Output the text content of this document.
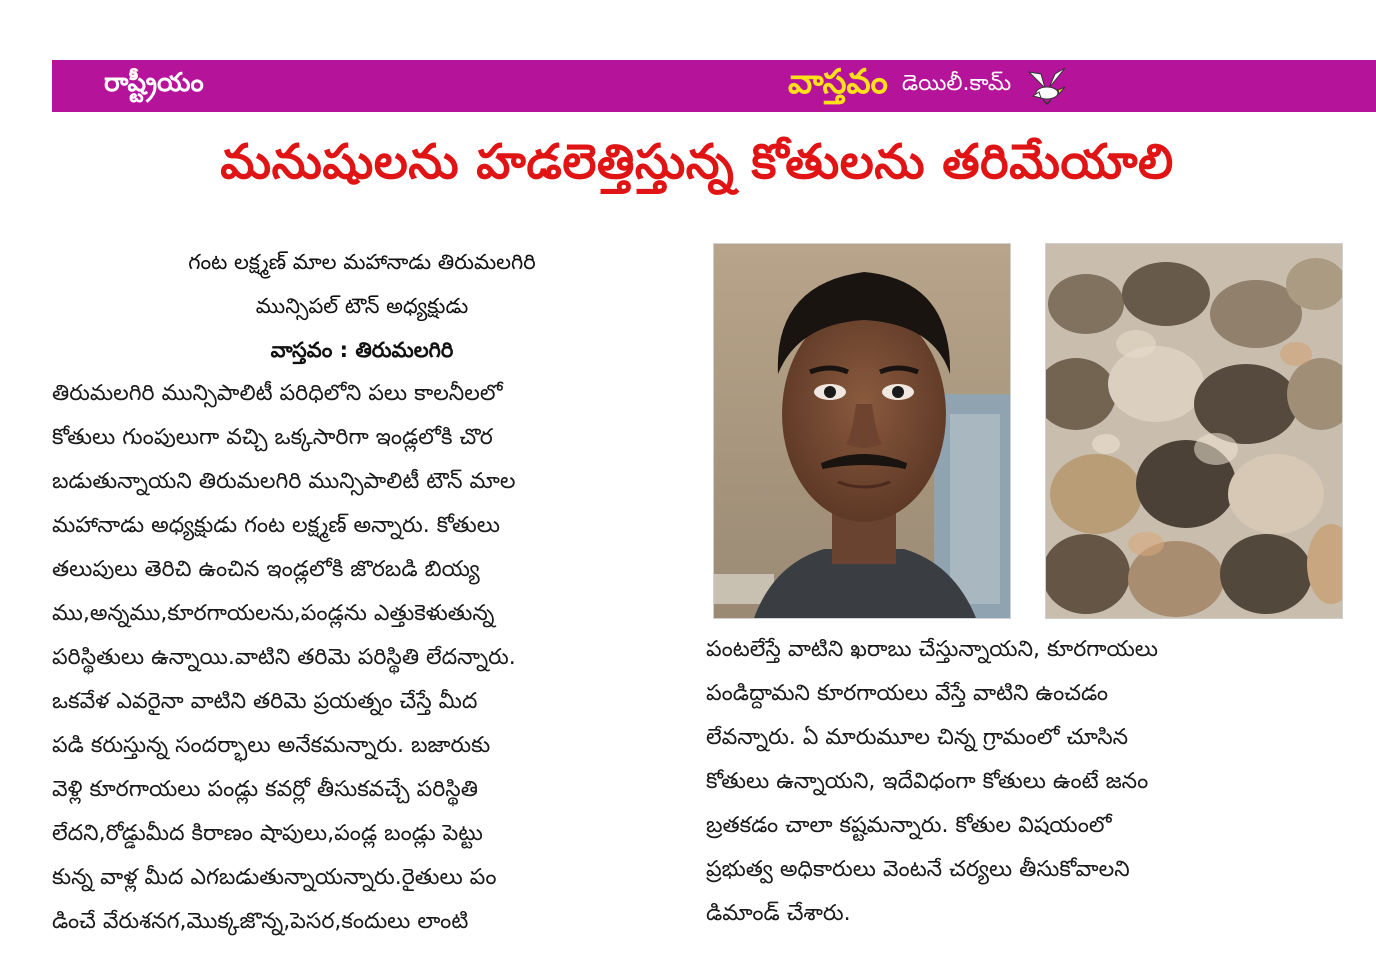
రాష్ట్రీయం	వాస్తవం డెయిలీ.కామ్
మనుషులను హడలెత్తిస్తున్న కోతులను తరిమేయాలి
గంట లక్ష్మణ్ మాల మహానాడు తిరుమలగిరి
మున్సిపల్ టౌన్ అధ్యక్షుడు
వాస్తవం : తిరుమలగిరి
తిరుమలగిరి మున్సిపాలిటీ పరిధిలోని పలు కాలనీలలో
కోతులు గుంపులుగా వచ్చి ఒక్కసారిగా ఇండ్లలోకి చొర
బడుతున్నాయని తిరుమలగిరి మున్సిపాలిటీ టౌన్ మాల
మహానాడు అధ్యక్షుడు గంట లక్ష్మణ్ అన్నారు. కోతులు
తలుపులు తెరిచి ఉంచిన ఇండ్లలోకి జొరబడి బియ్య
ము,అన్నము,కూరగాయలను,పండ్లను ఎత్తుకెళుతున్న
పరిస్థితులు ఉన్నాయి.వాటిని తరిమె పరిస్థితి లేదన్నారు.
ఒకవేళ ఎవరైనా వాటిని తరిమె ప్రయత్నం చేస్తే మీద
పడి కరుస్తున్న సందర్భాలు అనేకమన్నారు. బజారుకు
వెళ్లి కూరగాయలు పండ్లు కవర్లో తీసుకవచ్చే పరిస్థితి
లేదని,రోడ్డుమీద కిరాణం షాపులు,పండ్ల బండ్లు పెట్టు
కున్న వాళ్ల మీద ఎగబడుతున్నాయన్నారు.రైతులు పం
డించే వేరుశనగ,మొక్కజొన్న,పెసర,కందులు లాంటి
పంటలేస్తే వాటిని ఖరాబు చేస్తున్నాయని, కూరగాయలు
పండిద్దామని కూరగాయలు వేస్తే వాటిని ఉంచడం
లేవన్నారు. ఏ మారుమూల చిన్న గ్రామంలో చూసిన
కోతులు ఉన్నాయని, ఇదేవిధంగా కోతులు ఉంటే జనం
బ్రతకడం చాలా కష్టమన్నారు. కోతుల విషయంలో
ప్రభుత్వ అధికారులు వెంటనే చర్యలు తీసుకోవాలని
డిమాండ్ చేశారు.
